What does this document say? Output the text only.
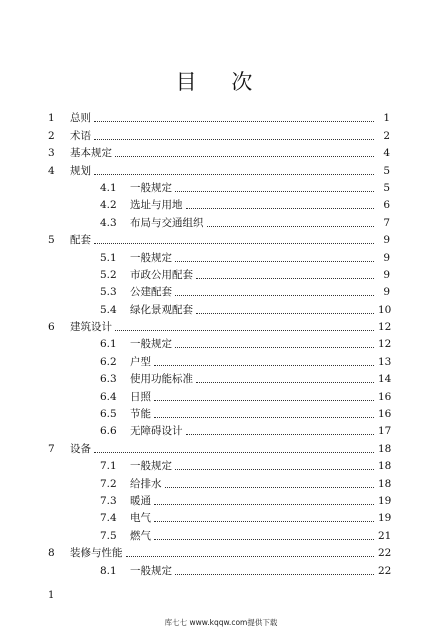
目 次
1	总则	1
2	术语	2
3	基本规定	4
4	规划	5
4.1	一般规定	5
4.2	选址与用地	6
4.3	布局与交通组织	7
5	配套	9
5.1	一般规定	9
5.2	市政公用配套	9
5.3	公建配套	9
5.4	绿化景观配套	10
6	建筑设计	12
6.1	一般规定	12
6.2	户型	13
6.3	使用功能标准	14
6.4	日照	16
6.5	节能	16
6.6	无障碍设计	17
7	设备	18
7.1	一般规定	18
7.2	给排水	18
7.3	暖通	19
7.4	电气	19
7.5	燃气	21
8	装修与性能	22
8.1	一般规定	22
1
库七七 www.kqqw.com提供下载
